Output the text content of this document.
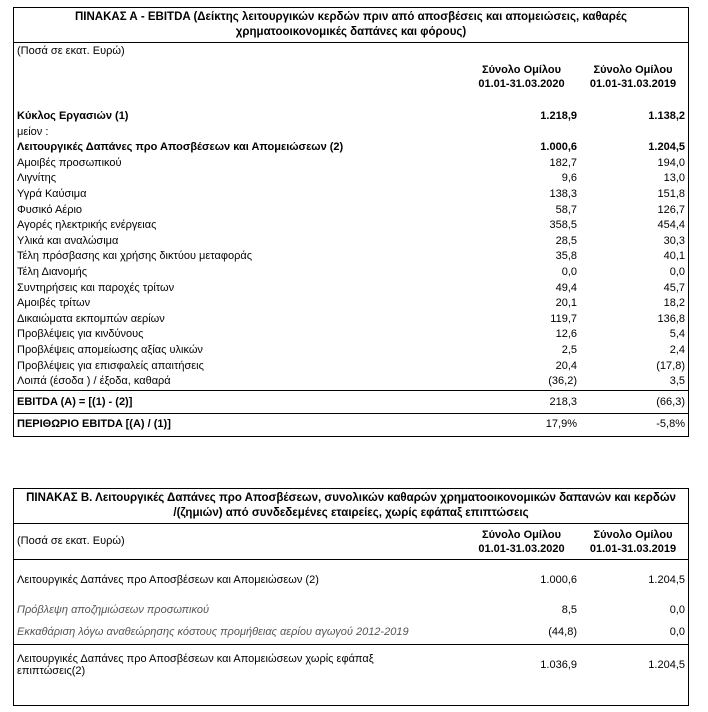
ΠΙΝΑΚΑΣ Α - EBITDA (Δείκτης λειτουργικών κερδών πριν από αποσβέσεις και απομειώσεις, καθαρές
χρηματοοικονομικές δαπάνες και φόρους)
(Ποσά σε εκατ. Ευρώ)
Σύνολο Ομίλου
01.01-31.03.2020
Σύνολο Ομίλου
01.01-31.03.2019
Κύκλος Εργασιών (1)	1.218,9	1.138,2
μείον :
Λειτουργικές Δαπάνες προ Αποσβέσεων και Απομειώσεων (2)	1.000,6	1.204,5
Αμοιβές προσωπικού	182,7	194,0
Λιγνίτης	9,6	13,0
Υγρά Καύσιμα	138,3	151,8
Φυσικό Αέριο	58,7	126,7
Αγορές ηλεκτρικής ενέργειας	358,5	454,4
Υλικά και αναλώσιμα	28,5	30,3
Τέλη πρόσβασης και χρήσης δικτύου μεταφοράς	35,8	40,1
Τέλη Διανομής	0,0	0,0
Συντηρήσεις και παροχές τρίτων	49,4	45,7
Αμοιβές τρίτων	20,1	18,2
Δικαιώματα εκπομπών αερίων	119,7	136,8
Προβλέψεις για κινδύνους	12,6	5,4
Προβλέψεις απομείωσης αξίας υλικών	2,5	2,4
Προβλέψεις για επισφαλείς απαιτήσεις	20,4	(17,8)
Λοιπά (έσοδα ) / έξοδα, καθαρά	(36,2)	3,5
EBITDA (A) = [(1) - (2)]	218,3	(66,3)
ΠΕΡΙΘΩΡΙΟ EBITDA [(A) / (1)]	17,9%	-5,8%
ΠΙΝΑΚΑΣ Β. Λειτουργικές Δαπάνες προ Αποσβέσεων, συνολικών καθαρών χρηματοοικονομικών δαπανών και κερδών
/(ζημιών) από συνδεδεμένες εταιρείες, χωρίς εφάπαξ επιπτώσεις
(Ποσά σε εκατ. Ευρώ)	Σύνολο Ομίλου
01.01-31.03.2020
Σύνολο Ομίλου
01.01-31.03.2019
Λειτουργικές Δαπάνες προ Αποσβέσεων και Απομειώσεων (2)	1.000,6	1.204,5
Πρόβλεψη αποζημιώσεων προσωπικού	8,5	0,0
Εκκαθάριση λόγω αναθεώρησης κόστους προμήθειας αερίου αγωγού 2012-2019	(44,8)	0,0
Λειτουργικές Δαπάνες προ Αποσβέσεων και Απομειώσεων χωρίς εφάπαξ
επιπτώσεις(2)	1.036,9	1.204,5
